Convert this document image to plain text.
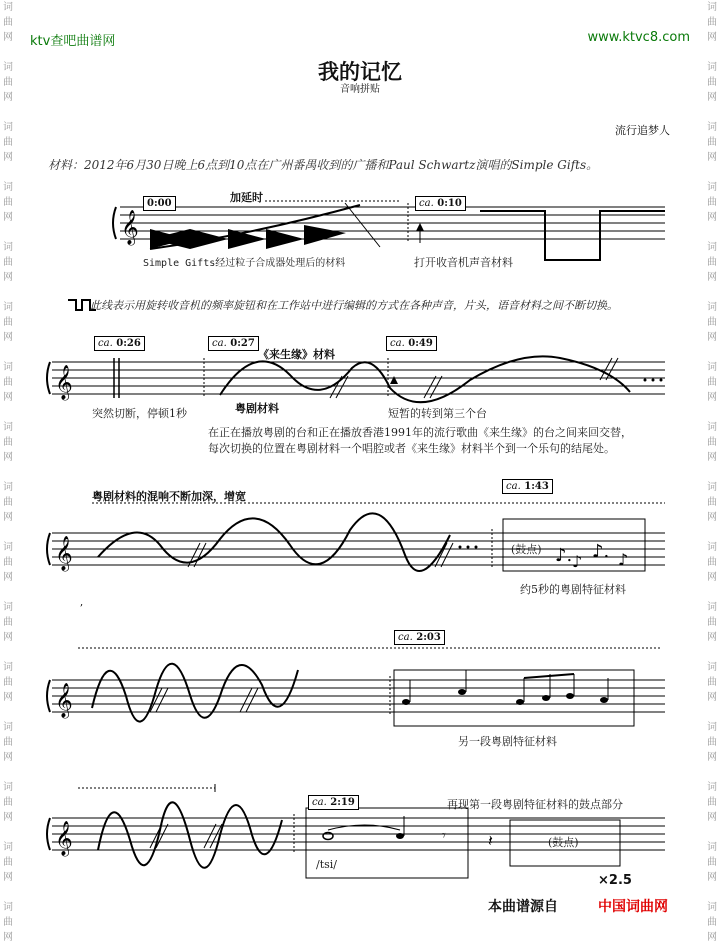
词
曲
网
词
曲
网
词
曲
网
词
曲
网
词
曲
网
词
曲
网
词
曲
网
词
曲
网
词
曲
网
词
曲
网
词
曲
网
词
曲
网
词
曲
网
词
曲
网
词
曲
网
词
曲
网
词
曲
网
词
曲
网
词
曲
网
词
曲
网
词
曲
网
词
曲
网
词
曲
网
词
曲
网
词
曲
网
词
曲
网
词
曲
网
词
曲
网
词
曲
网
词
曲
网
词
曲
网
词
曲
网
ktv查吧曲谱网	www.ktvc8.com
我的记忆
音响拼贴
流行追梦人
材料：2012年6月30日晚上6点到10点在广州番禺收到的广播和Paul Schwartz演唱的Simple Gifts。
𝄞
0:00	加延时	ca. 0:10
Simple Gifts经过粒子合成器处理后的材料	打开收音机声音材料
此线表示用旋转收音机的频率旋钮和在工作站中进行编辑的方式在各种声音，片头，语音材料之间不断切换。
𝄞
ca. 0:26	ca. 0:27	ca. 0:49
《来生缘》材料
粤剧材料
突然切断，停顿1秒	短暂的转到第三个台
在正在播放粤剧的台和正在播放香港1991年的流行歌曲《来生缘》的台之间来回交替，
每次切换的位置在粤剧材料一个唱腔或者《来生缘》材料半个到一个乐句的结尾处。
𝄞	♪. ♪ ♪. ♪
,
粤剧材料的混响不断加深，增宽
ca. 1:43
(鼓点)
约5秒的粤剧特征材料
𝄞
ca. 2:03
另一段粤剧特征材料
𝄞	𝄾	𝄽
ca. 2:19	再现第一段粤剧特征材料的鼓点部分
/tsi/
(鼓点)
×2.5
本曲谱源自	中国词曲网
